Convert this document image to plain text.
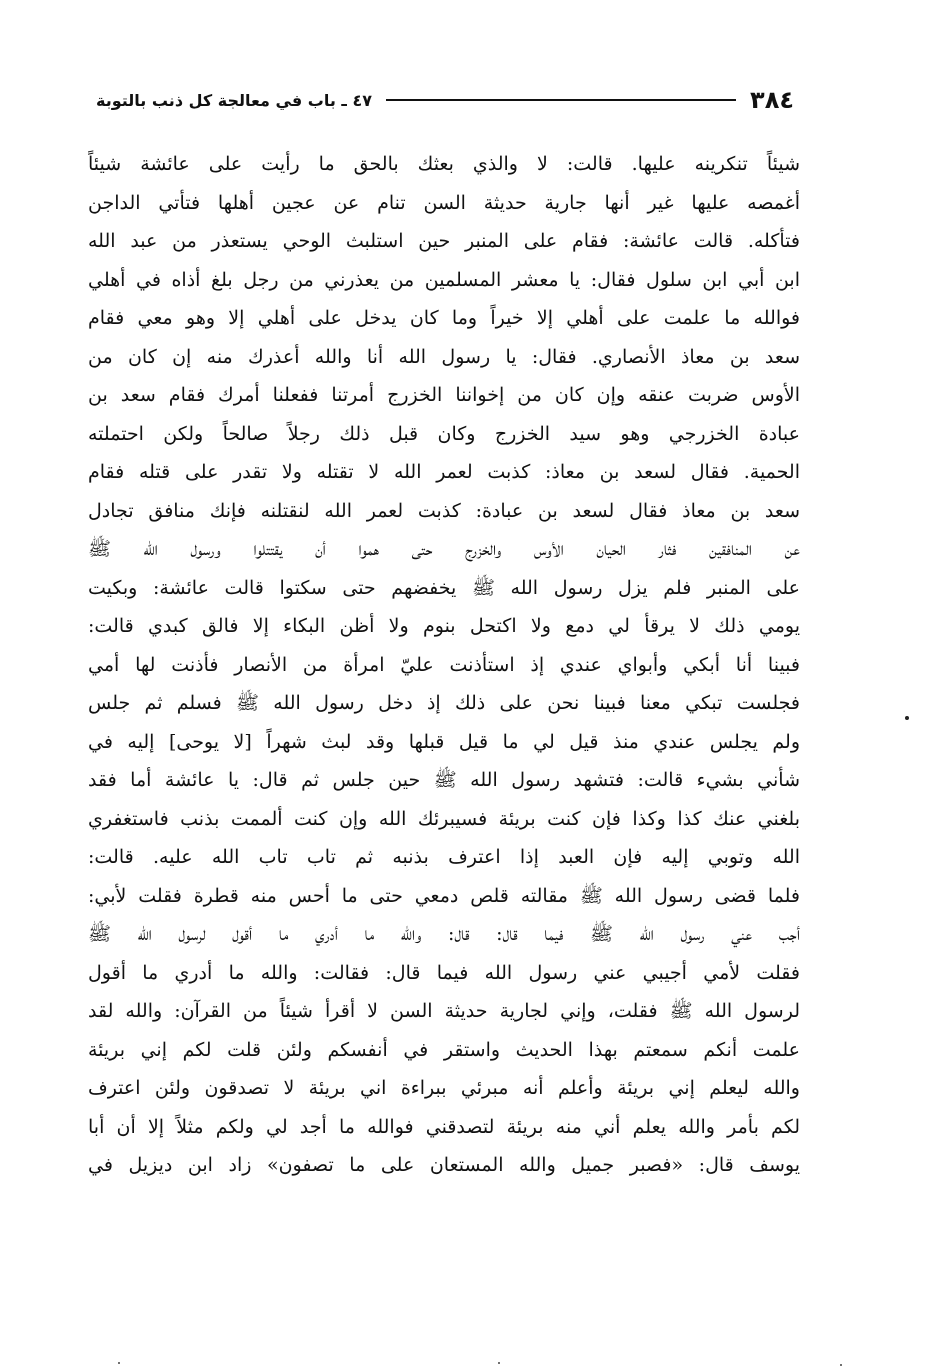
٣٨٤
٤٧ ـ باب في معالجة كل ذنب بالتوبة
شيئاً تنكرينه عليها. قالت: لا والذي بعثك بالحق ما رأيت على عائشة شيئاً
أغمصه عليها غير أنها جارية حديثة السن تنام عن عجين أهلها فتأتي الداجن
فتأكله. قالت عائشة: فقام على المنبر حين استلبث الوحي يستعذر من عبد الله
ابن أبي ابن سلول فقال: يا معشر المسلمين من يعذرني من رجل بلغ أذاه في أهلي
فوالله ما علمت على أهلي إلا خيراً وما كان يدخل على أهلي إلا وهو معي فقام
سعد بن معاذ الأنصاري. فقال: يا رسول الله أنا والله أعذرك منه إن كان من
الأوس ضربت عنقه وإن كان من إخواننا الخزرج أمرتنا ففعلنا أمرك فقام سعد بن
عبادة الخزرجي وهو سيد الخزرج وكان قبل ذلك رجلاً صالحاً ولكن احتملته
الحمية. فقال لسعد بن معاذ: كذبت لعمر الله لا تقتله ولا تقدر على قتله فقام
سعد بن معاذ فقال لسعد بن عبادة: كذبت لعمر الله لنقتلنه فإنك منافق تجادل
عن المنافقين فثار الحيان الأوس والخزرج حتى هموا أن يقتتلوا ورسول الله ﷺ
على المنبر فلم يزل رسول الله ﷺ يخفضهم حتى سكتوا قالت عائشة: وبكيت
يومي ذلك لا يرقأ لي دمع ولا اكتحل بنوم ولا أظن البكاء إلا فالق كبدي قالت:
فبينا أنا أبكي وأبواي عندي إذ استأذنت عليّ امرأة من الأنصار فأذنت لها أمي
فجلست تبكي معنا فبينا نحن على ذلك إذ دخل رسول الله ﷺ فسلم ثم جلس
ولم يجلس عندي منذ قيل لي ما قيل قبلها وقد لبث شهراً [لا يوحى] إليه في
شأني بشيء قالت: فتشهد رسول الله ﷺ حين جلس ثم قال: يا عائشة أما فقد
بلغني عنك كذا وكذا فإن كنت بريئة فسيبرئك الله وإن كنت ألممت بذنب فاستغفري
الله وتوبي إليه فإن العبد إذا اعترف بذنبه ثم تاب تاب الله عليه. قالت:
فلما قضى رسول الله ﷺ مقالته قلص دمعي حتى ما أحس منه قطرة فقلت لأبي:
أجب عني رسول الله ﷺ فيما قال: قال: والله ما أدري ما أقول لرسول الله ﷺ
فقلت لأمي أجيبي عني رسول الله فيما قال: فقالت: والله ما أدري ما أقول
لرسول الله ﷺ فقلت، وإني لجارية حديثة السن لا أقرأ شيئاً من القرآن: والله لقد
علمت أنكم سمعتم بهذا الحديث واستقر في أنفسكم ولئن قلت لكم إني بريئة
والله ليعلم إني بريئة وأعلم أنه مبرئي ببراءة اني بريئة لا تصدقون ولئن اعترف
لكم بأمر والله يعلم أني منه بريئة لتصدقني فوالله ما أجد لي ولكم مثلاً إلا أن أبا
يوسف قال: «فصبر جميل والله المستعان على ما تصفون» زاد ابن ديزيل في
